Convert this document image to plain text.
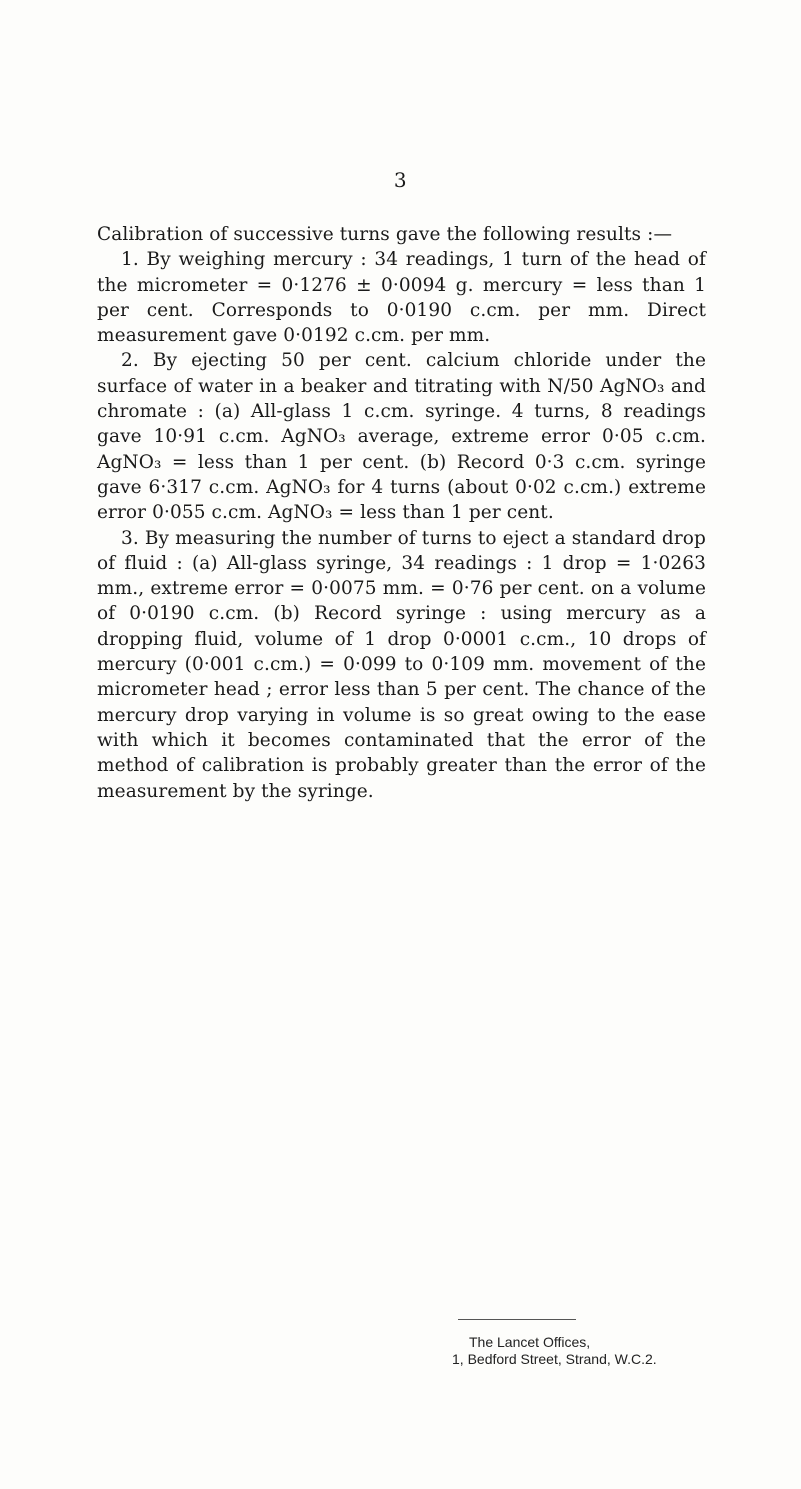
3

Calibration of successive turns gave the following results :—

1. By weighing mercury : 34 readings, 1 turn of the head of the micrometer = 0·1276 ± 0·0094 g. mercury = less than 1 per cent. Corresponds to 0·0190 c.cm. per mm. Direct measurement gave 0·0192 c.cm. per mm.

2. By ejecting 50 per cent. calcium chloride under the surface of water in a beaker and titrating with N/50 AgNO₃ and chromate : (a) All-glass 1 c.cm. syringe. 4 turns, 8 readings gave 10·91 c.cm. AgNO₃ average, extreme error 0·05 c.cm. AgNO₃ = less than 1 per cent. (b) Record 0·3 c.cm. syringe gave 6·317 c.cm. AgNO₃ for 4 turns (about 0·02 c.cm.) extreme error 0·055 c.cm. AgNO₃ = less than 1 per cent.

3. By measuring the number of turns to eject a standard drop of fluid : (a) All-glass syringe, 34 readings : 1 drop = 1·0263 mm., extreme error = 0·0075 mm. = 0·76 per cent. on a volume of 0·0190 c.cm. (b) Record syringe : using mercury as a dropping fluid, volume of 1 drop 0·0001 c.cm., 10 drops of mercury (0·001 c.cm.) = 0·099 to 0·109 mm. movement of the micrometer head ; error less than 5 per cent. The chance of the mercury drop varying in volume is so great owing to the ease with which it becomes contaminated that the error of the method of calibration is probably greater than the error of the measurement by the syringe.

The Lancet Offices,
1, Bedford Street, Strand, W.C.2.
